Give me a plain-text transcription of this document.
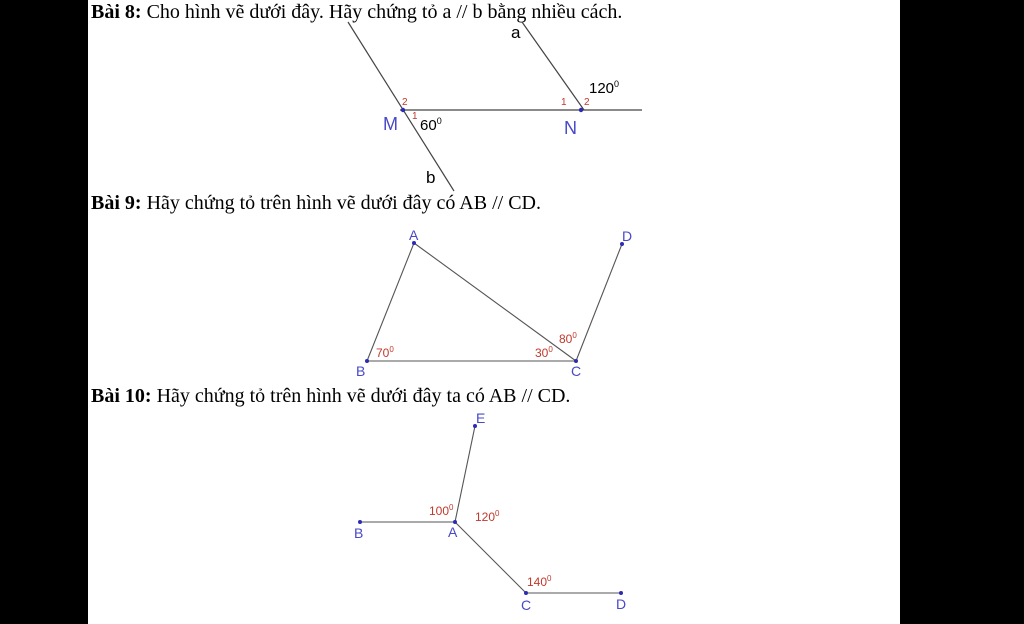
Bài 8: Cho hình vẽ dưới đây. Hãy chứng tỏ a // b bằng nhiều cách.
Bài 9: Hãy chứng tỏ trên hình vẽ dưới đây có AB // CD.
Bài 10: Hãy chứng tỏ trên hình vẽ dưới đây ta có AB // CD.
a
b
M	N
2
1
1 2
$60^0$
$120^0$
A
B	C
D
$70^0$	$30^0$
$80^0$
E
B	A
C	D
$100^0$
$120^0$
$140^0$
